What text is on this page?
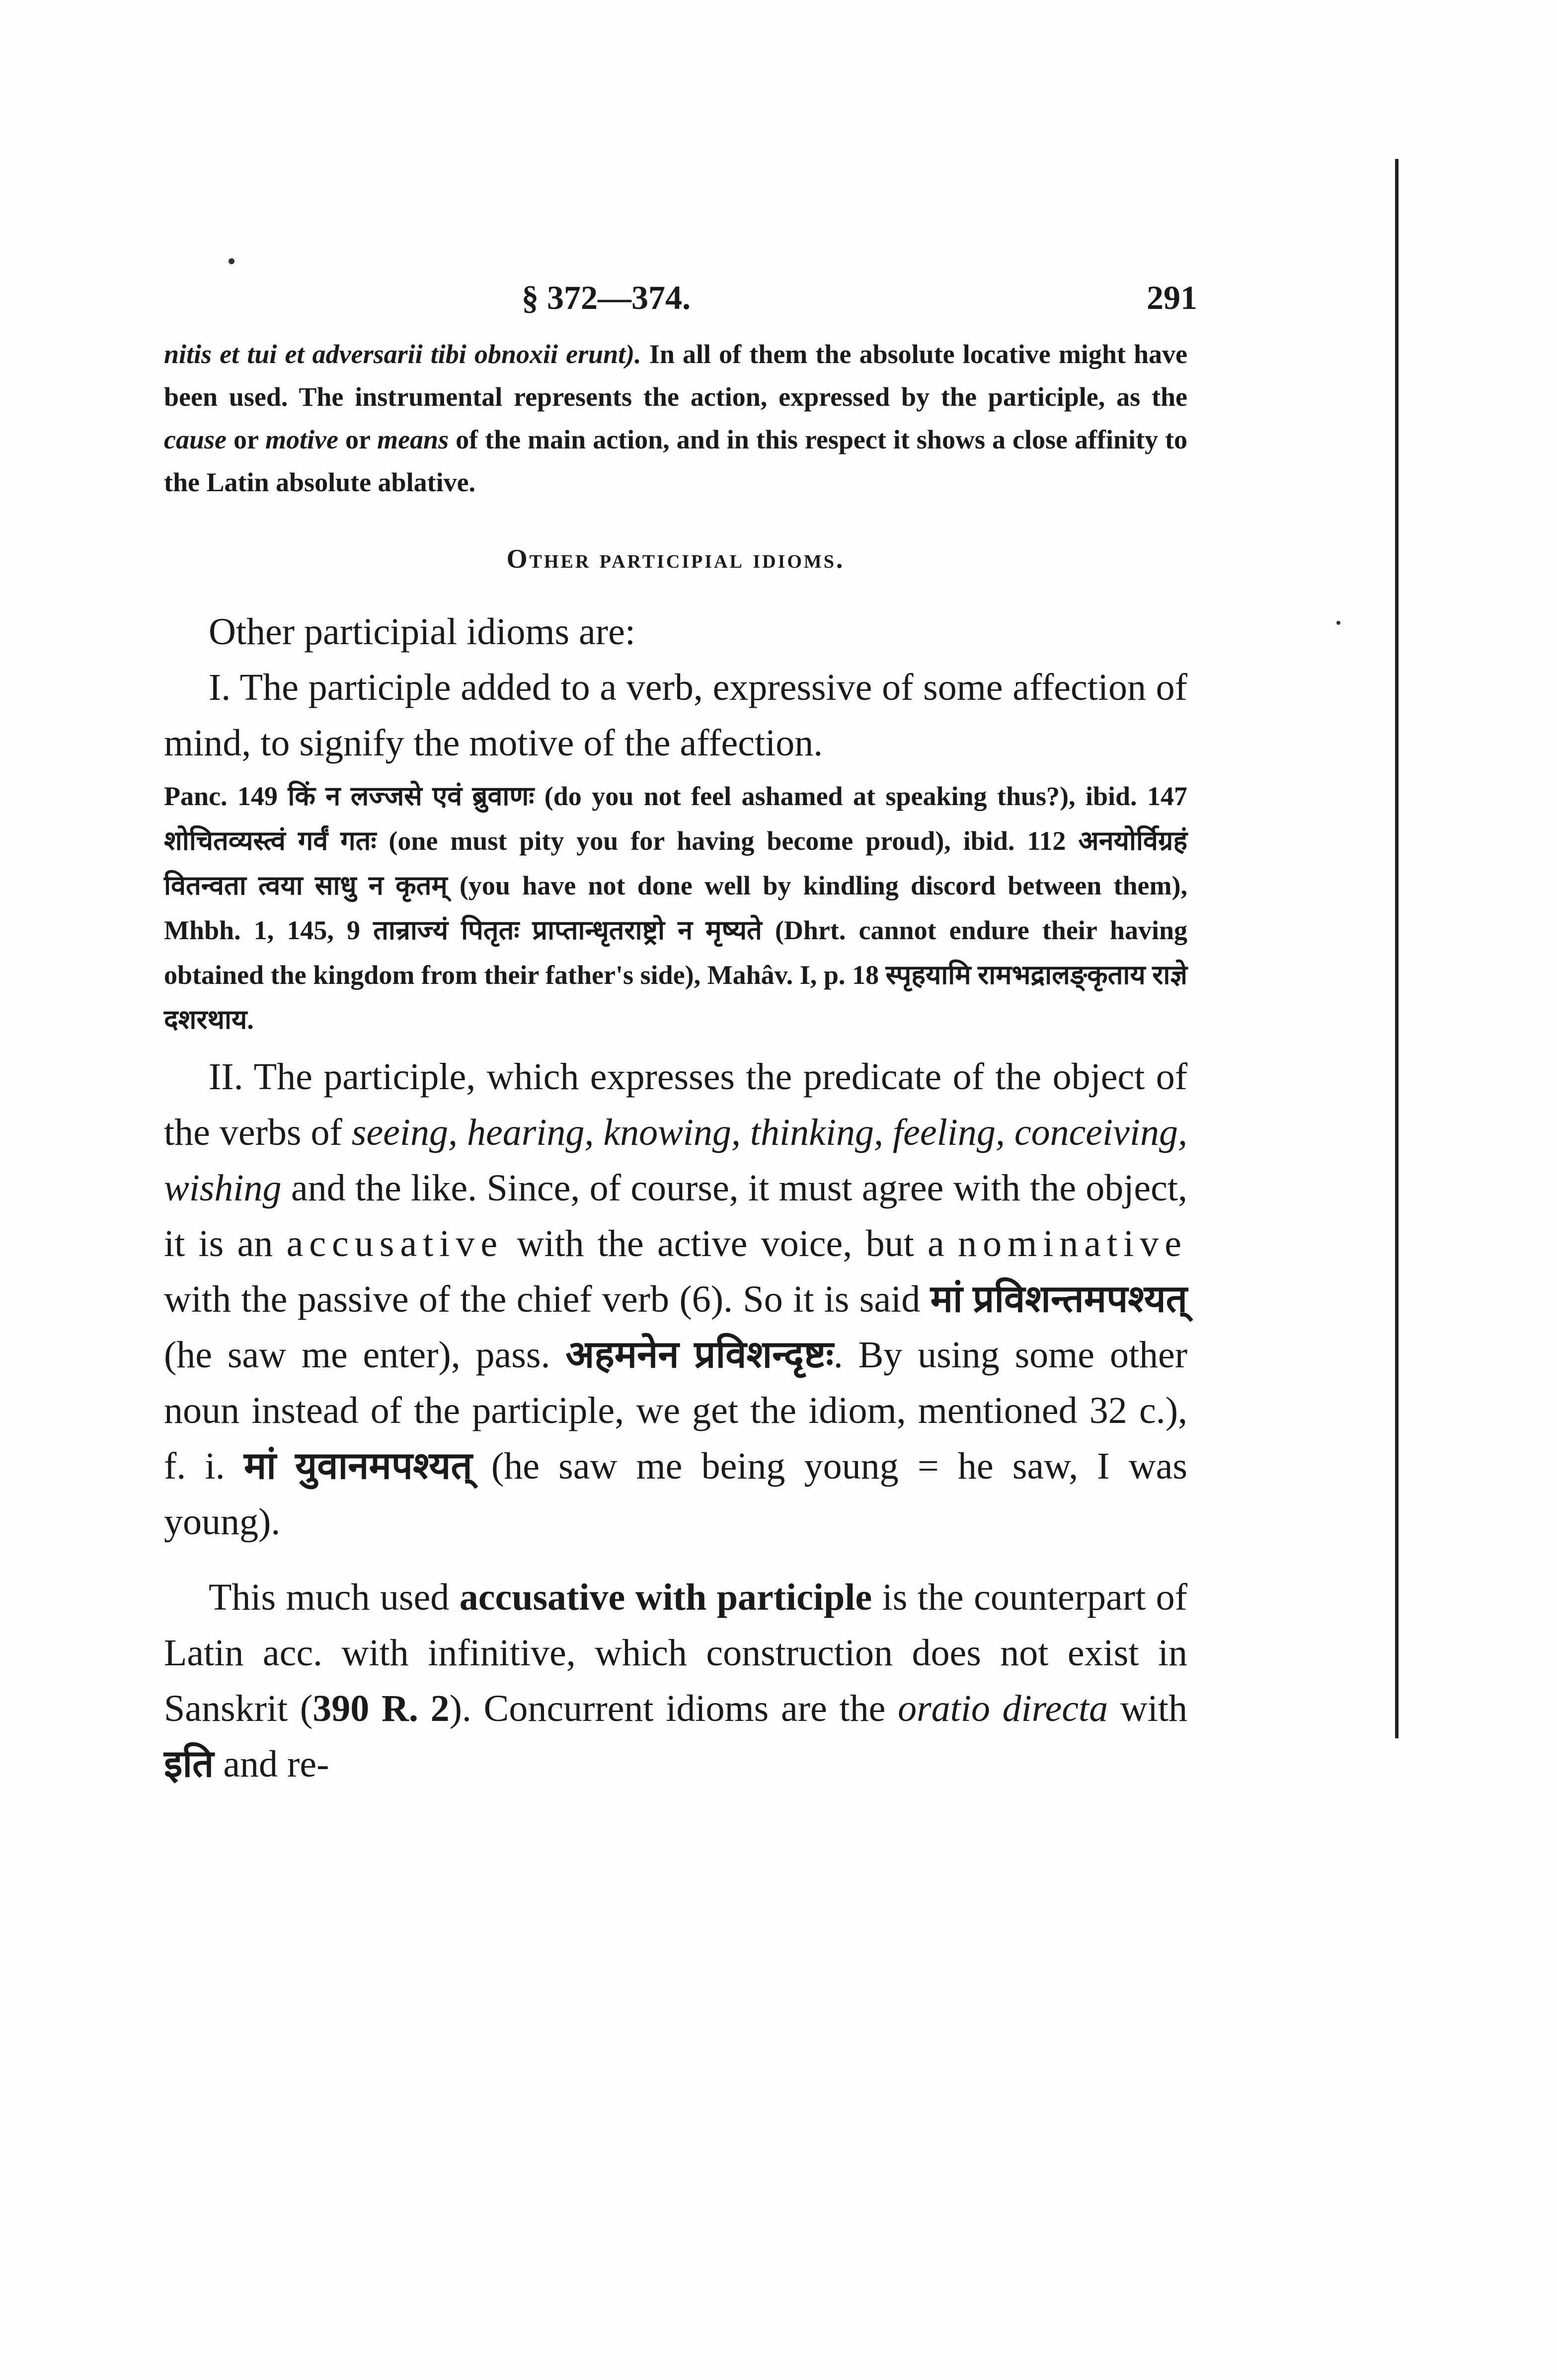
§ 372—374.	291

nitis et tui et adversarii tibi obnoxii erunt). In all of them the absolute locative might have been used. The instrumental represents the action, expressed by the participle, as the cause or motive or means of the main action, and in this respect it shows a close affinity to the Latin absolute ablative.

Other participial idioms.

Other participial idioms are:

I. The participle added to a verb, expressive of some affection of mind, to signify the motive of the affection.

Panc. 149 किं न लज्जसे एवं ब्रुवाणः (do you not feel ashamed at speaking thus?), ibid. 147 शोचितव्यस्त्वं गर्वं गतः (one must pity you for having become proud), ibid. 112 अनयोर्विग्रहं वितन्वता त्वया साधु न कृतम् (you have not done well by kindling discord between them), Mhbh. 1, 145, 9 तान्राज्यं पितृतः प्राप्तान्धृतराष्ट्रो न मृष्यते (Dhrt. cannot endure their having obtained the kingdom from their father's side), Mahâv. I, p. 18 स्पृहयामि रामभद्रालङ्कृताय राज्ञे दशरथाय.

II. The participle, which expresses the predicate of the object of the verbs of seeing, hearing, knowing, thinking, feeling, conceiving, wishing and the like. Since, of course, it must agree with the object, it is an accusative with the active voice, but a nominative with the passive of the chief verb (6). So it is said मां प्रविशन्तमपश्यत् (he saw me enter), pass. अहमनेन प्रविशन्दृष्टः. By using some other noun instead of the participle, we get the idiom, mentioned 32 c.), f. i. मां युवानमपश्यत् (he saw me being young = he saw, I was young).

This much used accusative with participle is the counterpart of Latin acc. with infinitive, which construction does not exist in Sanskrit (390 R. 2). Concurrent idioms are the oratio directa with इति and re-
